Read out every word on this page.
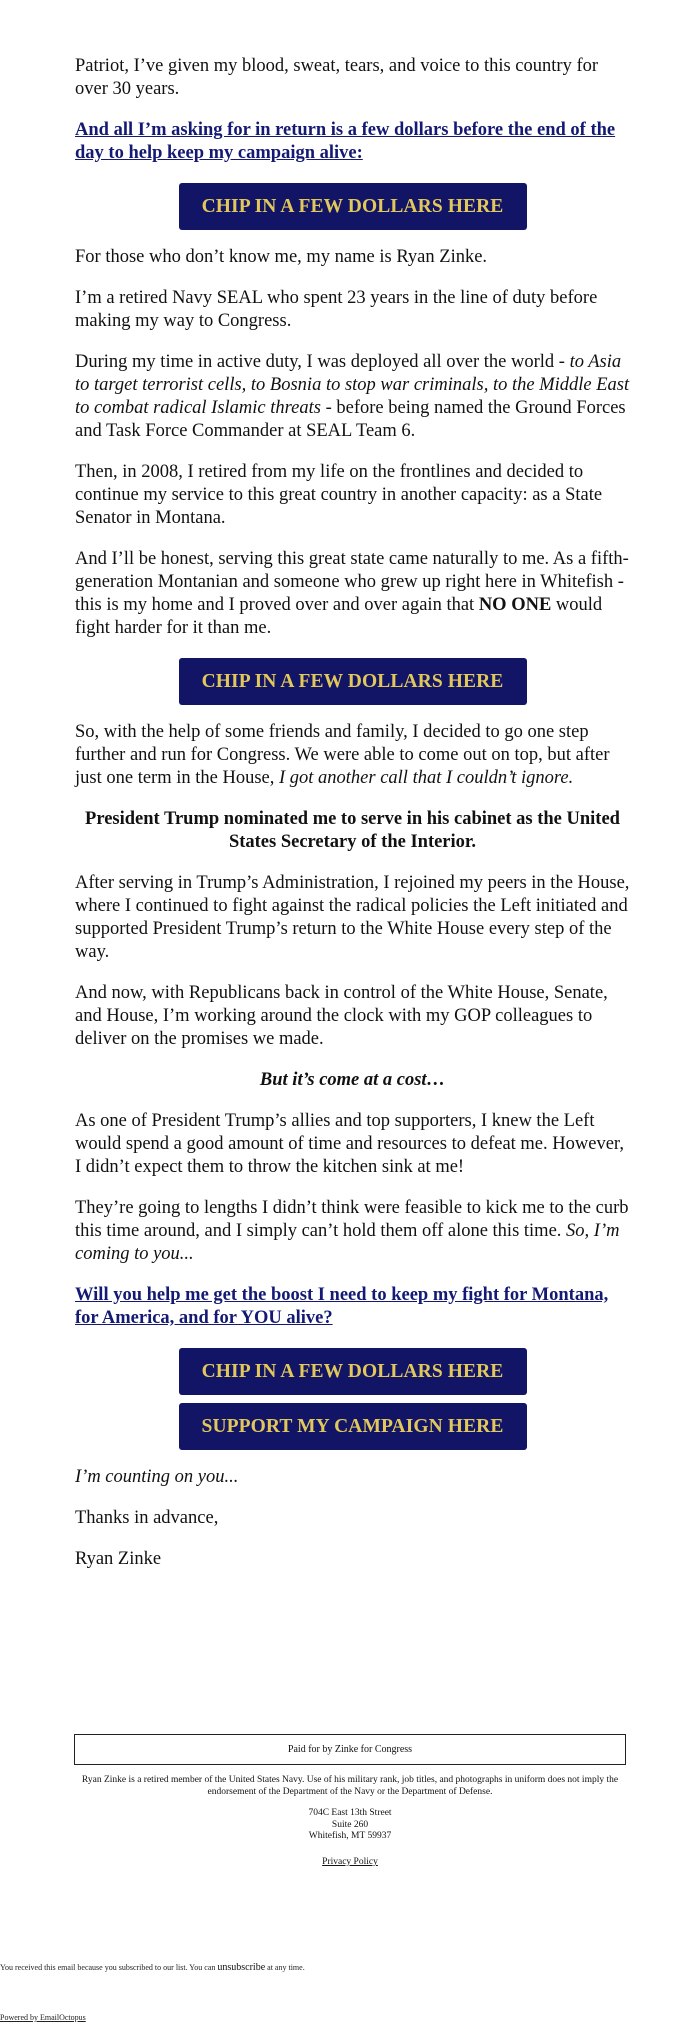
Patriot, I’ve given my blood, sweat, tears, and voice to this country for over 30 years.

And all I’m asking for in return is a few dollars before the end of the day to help keep my campaign alive:
CHIP IN A FEW DOLLARS HERE

For those who don’t know me, my name is Ryan Zinke.

I’m a retired Navy SEAL who spent 23 years in the line of duty before making my way to Congress.

During my time in active duty, I was deployed all over the world - to Asia to target terrorist cells, to Bosnia to stop war criminals, to the Middle East to combat radical Islamic threats - before being named the Ground Forces and Task Force Commander at SEAL Team 6.

Then, in 2008, I retired from my life on the frontlines and decided to continue my service to this great country in another capacity: as a State Senator in Montana.

And I’ll be honest, serving this great state came naturally to me. As a fifth-generation Montanian and someone who grew up right here in Whitefish - this is my home and I proved over and over again that NO ONE would fight harder for it than me.

CHIP IN A FEW DOLLARS HERE

So, with the help of some friends and family, I decided to go one step further and run for Congress. We were able to come out on top, but after just one term in the House, I got another call that I couldn’t ignore.

President Trump nominated me to serve in his cabinet as the United States Secretary of the Interior.

After serving in Trump’s Administration, I rejoined my peers in the House, where I continued to fight against the radical policies the Left initiated and supported President Trump’s return to the White House every step of the way.

And now, with Republicans back in control of the White House, Senate, and House, I’m working around the clock with my GOP colleagues to deliver on the promises we made.

But it’s come at a cost…

As one of President Trump’s allies and top supporters, I knew the Left would spend a good amount of time and resources to defeat me. However, I didn’t expect them to throw the kitchen sink at me!

They’re going to lengths I didn’t think were feasible to kick me to the curb this time around, and I simply can’t hold them off alone this time. So, I’m coming to you...

Will you help me get the boost I need to keep my fight for Montana, for America, and for YOU alive?
CHIP IN A FEW DOLLARS HERE
SUPPORT MY CAMPAIGN HERE

I’m counting on you...

Thanks in advance,

Ryan Zinke

Paid for by Zinke for Congress
Ryan Zinke is a retired member of the United States Navy. Use of his military rank, job titles, and photographs in uniform does not imply the endorsement of the Department of the Navy or the Department of Defense.
704C East 13th Street
Suite 260
Whitefish, MT 59937
Privacy Policy
You received this email because you subscribed to our list. You can unsubscribe at any time.
Powered by EmailOctopus
